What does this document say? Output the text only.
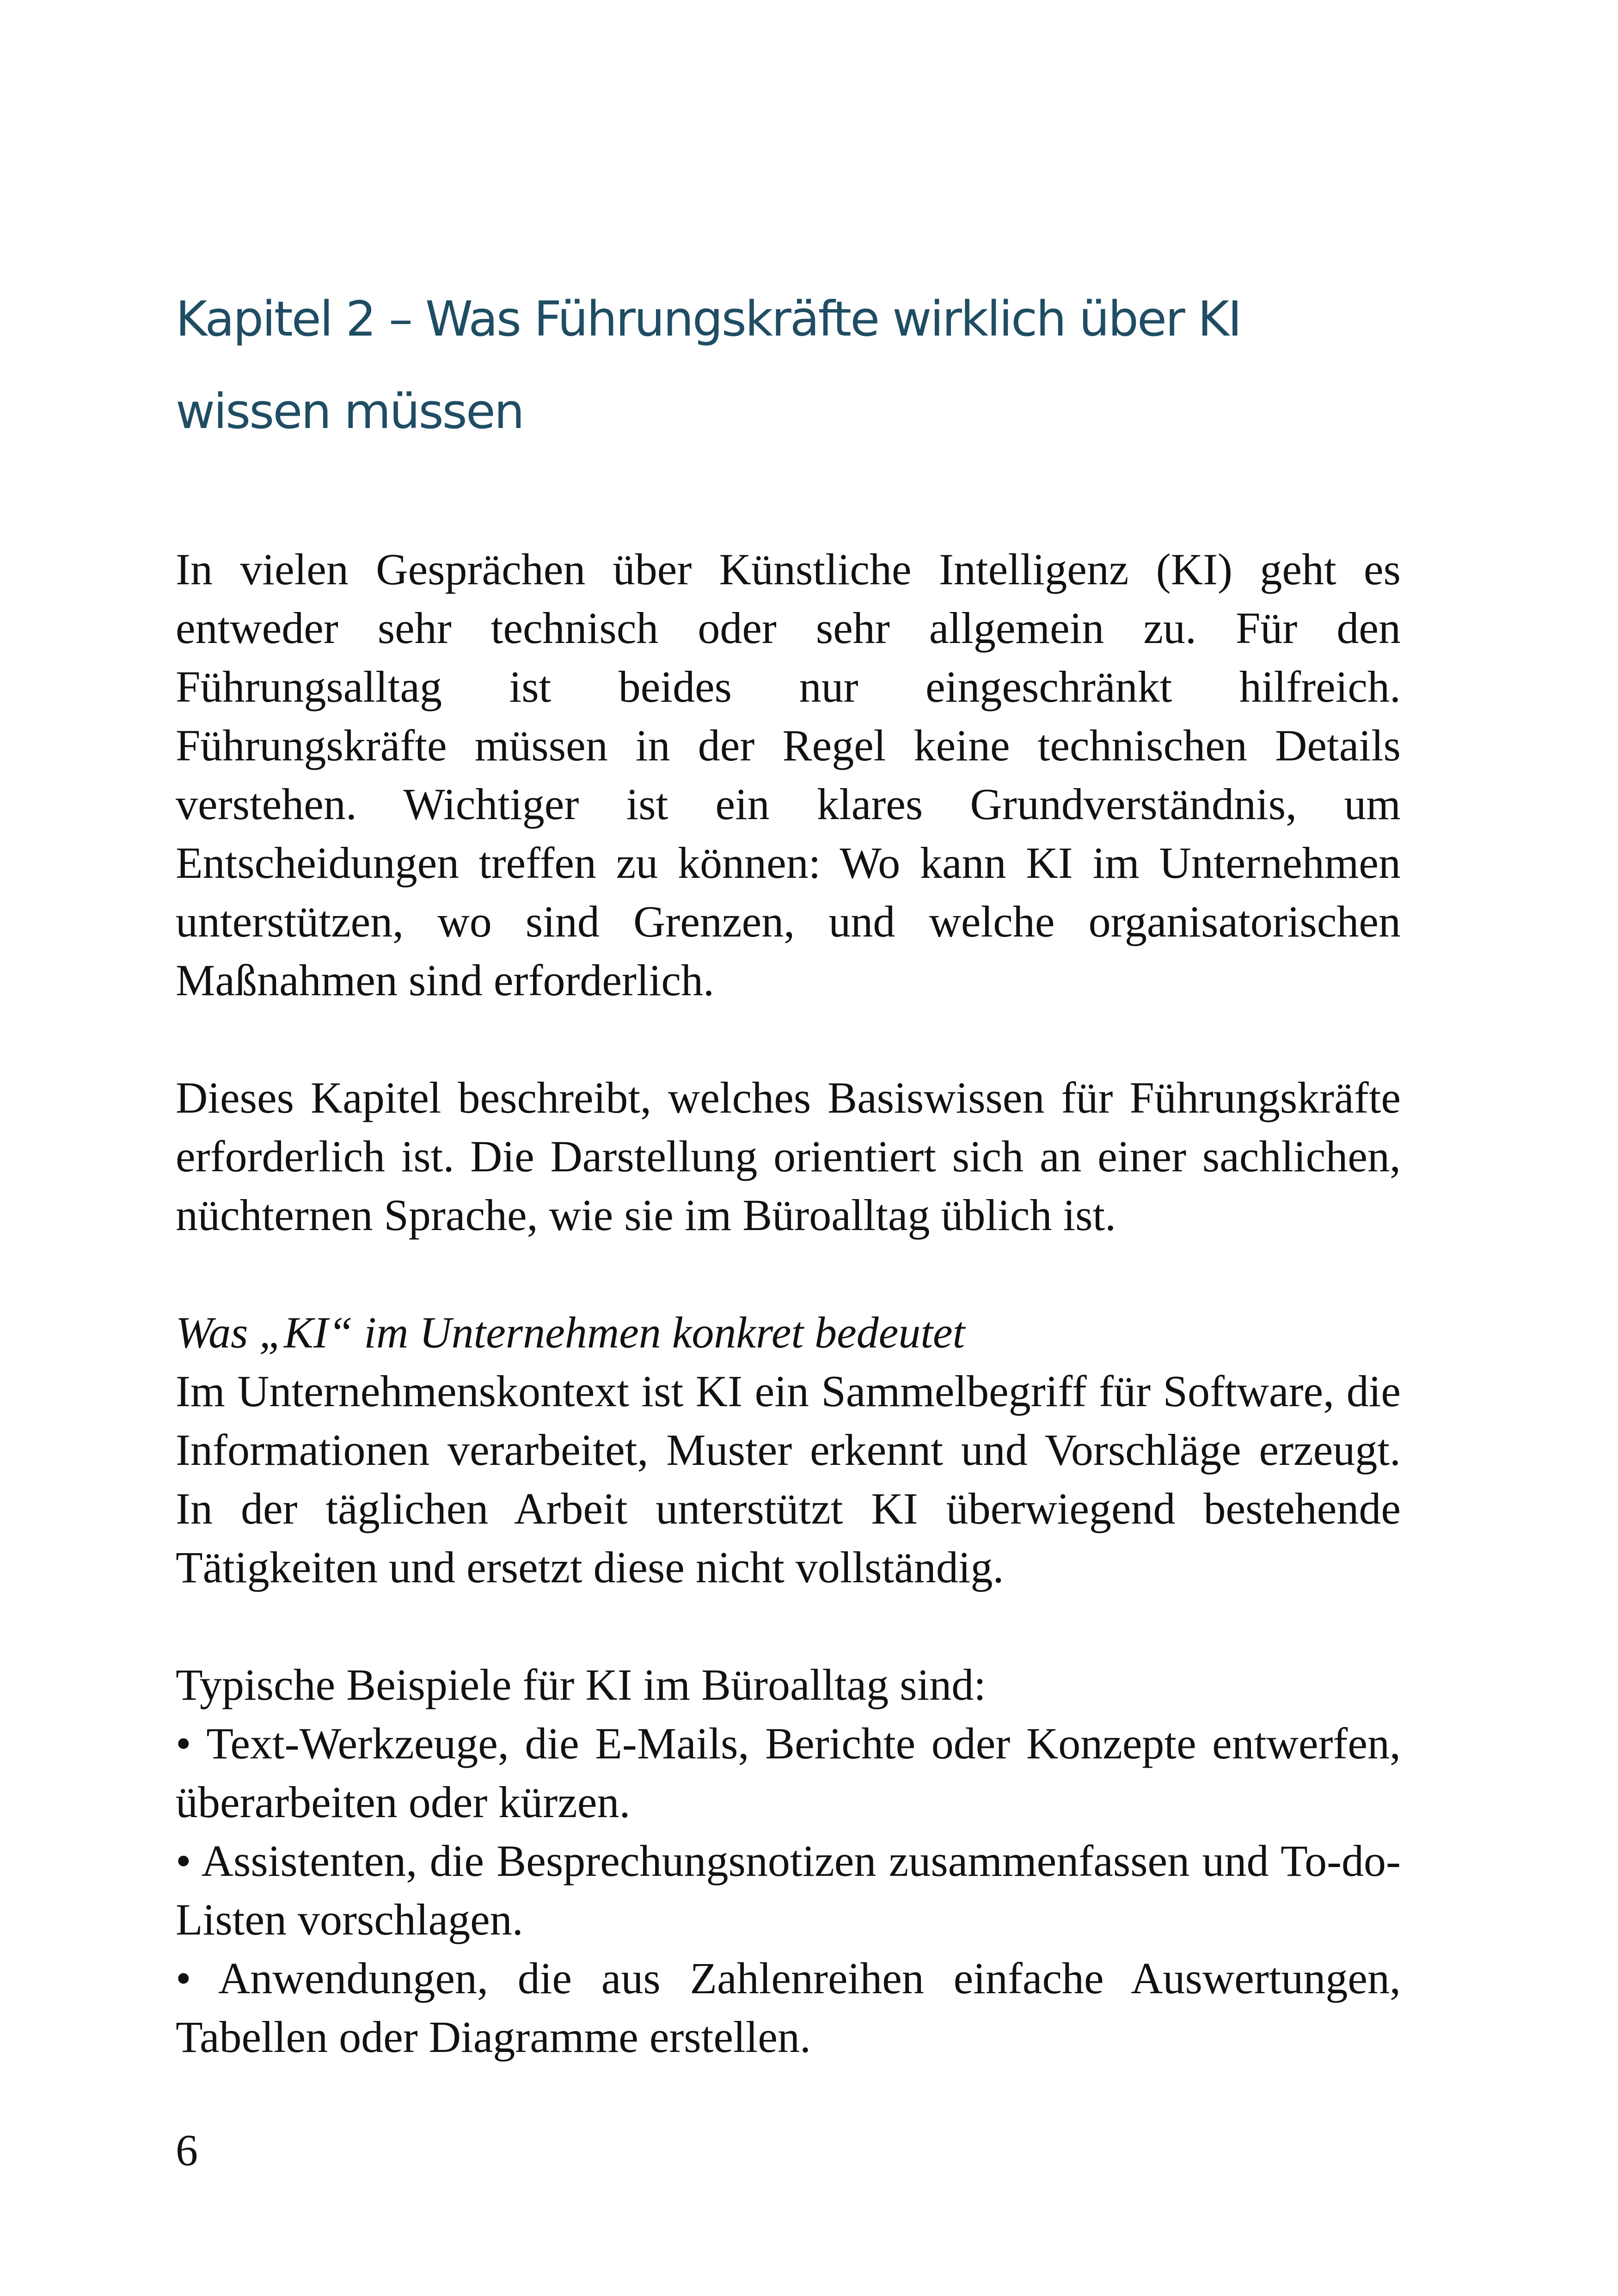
Kapitel 2 – Was Führungskräfte wirklich über KI wissen müssen

In vielen Gesprächen über Künstliche Intelligenz (KI) geht es entweder sehr technisch oder sehr allgemein zu. Für den Führungsalltag ist beides nur eingeschränkt hilfreich. Führungskräfte müssen in der Regel keine technischen Details verstehen. Wichtiger ist ein klares Grundverständnis, um Entscheidungen treffen zu können: Wo kann KI im Unternehmen unterstützen, wo sind Grenzen, und welche organisatorischen Maßnahmen sind erforderlich.

Dieses Kapitel beschreibt, welches Basiswissen für Führungskräfte erforderlich ist. Die Darstellung orientiert sich an einer sachlichen, nüchternen Sprache, wie sie im Büroalltag üblich ist.

Was „KI“ im Unternehmen konkret bedeutet

Im Unternehmenskontext ist KI ein Sammelbegriff für Software, die Informationen verarbeitet, Muster erkennt und Vorschläge erzeugt. In der täglichen Arbeit unterstützt KI überwiegend bestehende Tätigkeiten und ersetzt diese nicht vollständig.

Typische Beispiele für KI im Büroalltag sind:

• Text-Werkzeuge, die E-Mails, Berichte oder Konzepte entwerfen, überarbeiten oder kürzen.

• Assistenten, die Besprechungsnotizen zusammenfassen und To-do-Listen vorschlagen.

• Anwendungen, die aus Zahlenreihen einfache Auswertungen, Tabellen oder Diagramme erstellen.

6
